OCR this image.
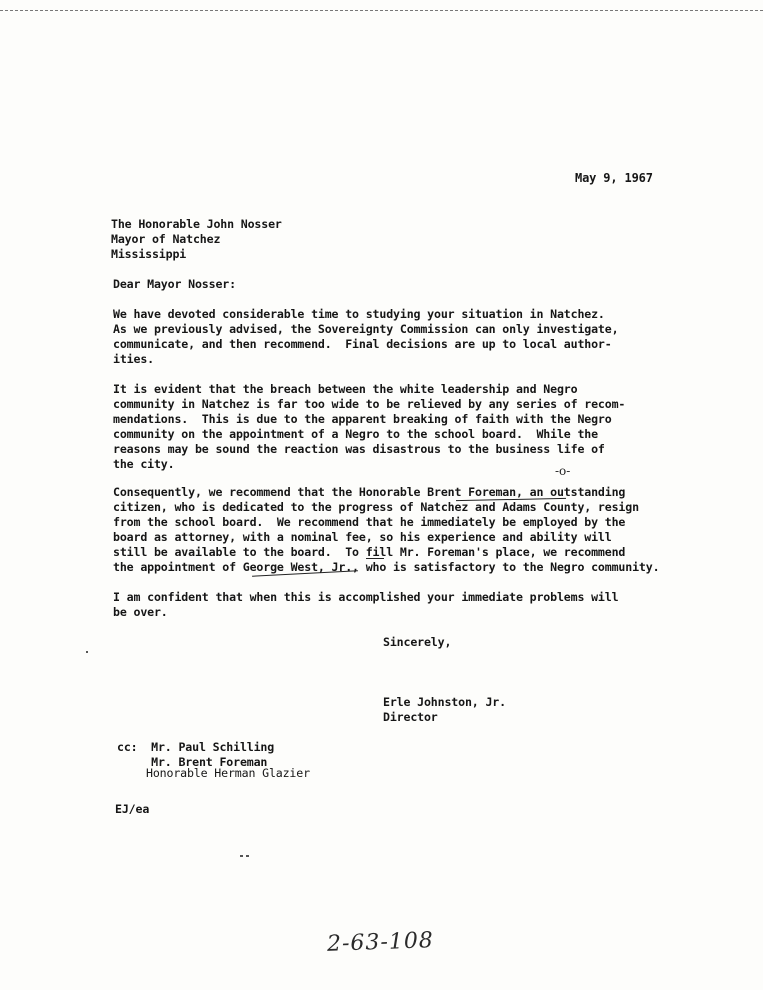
May 9, 1967
The Honorable John Nosser
Mayor of Natchez
Mississippi
Dear Mayor Nosser:
We have devoted considerable time to studying your situation in Natchez.
As we previously advised, the Sovereignty Commission can only investigate,
communicate, and then recommend.  Final decisions are up to local author-
ities.
It is evident that the breach between the white leadership and Negro
community in Natchez is far too wide to be relieved by any series of recom-
mendations.  This is due to the apparent breaking of faith with the Negro
community on the appointment of a Negro to the school board.  While the
reasons may be sound the reaction was disastrous to the business life of
the city.	-o-
Consequently, we recommend that the Honorable Brent Foreman, an outstanding
citizen, who is dedicated to the progress of Natchez and Adams County, resign
from the school board.  We recommend that he immediately be employed by the
board as attorney, with a nominal fee, so his experience and ability will
still be available to the board.  To fill Mr. Foreman's place, we recommend
the appointment of George West, Jr., who is satisfactory to the Negro community.
I am confident that when this is accomplished your immediate problems will
be over.
Sincerely,
Erle Johnston, Jr.
Director
cc:  Mr. Paul Schilling
Mr. Brent Foreman
Honorable Herman Glazier
EJ/ea
2-63-108
